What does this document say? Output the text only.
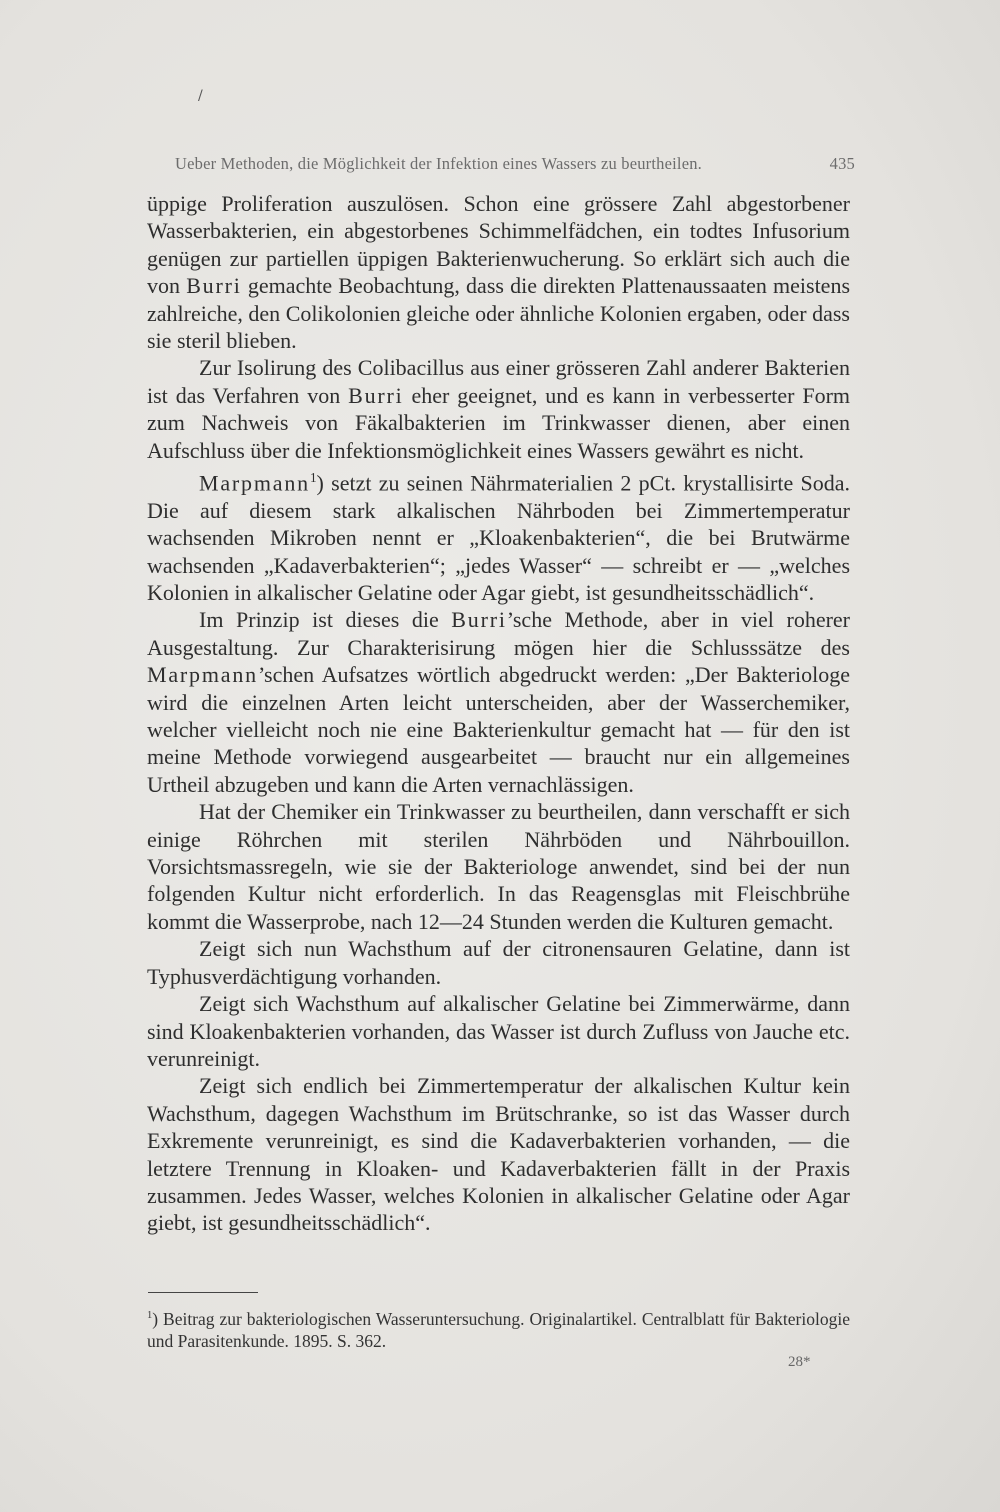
/
Ueber Methoden, die Möglichkeit der Infektion eines Wassers zu beurtheilen.	435

üppige Proliferation auszulösen. Schon eine grössere Zahl abgestorbener Wasserbakterien, ein abgestorbenes Schimmelfädchen, ein todtes Infusorium genügen zur partiellen üppigen Bakterienwucherung. So erklärt sich auch die von Burri gemachte Beobachtung, dass die direkten Plattenaussaaten meistens zahlreiche, den Colikolonien gleiche oder ähnliche Kolonien ergaben, oder dass sie steril blieben.

Zur Isolirung des Colibacillus aus einer grösseren Zahl anderer Bakterien ist das Verfahren von Burri eher geeignet, und es kann in verbesserter Form zum Nachweis von Fäkalbakterien im Trinkwasser dienen, aber einen Aufschluss über die Infektionsmöglichkeit eines Wassers gewährt es nicht.

Marpmann$^1$) setzt zu seinen Nährmaterialien 2 pCt. krystallisirte Soda. Die auf diesem stark alkalischen Nährboden bei Zimmertemperatur wachsenden Mikroben nennt er „Kloakenbakterien“, die bei Brutwärme wachsenden „Kadaverbakterien“; „jedes Wasser“ — schreibt er — „welches Kolonien in alkalischer Gelatine oder Agar giebt, ist gesundheitsschädlich“.

Im Prinzip ist dieses die Burri’sche Methode, aber in viel roherer Ausgestaltung. Zur Charakterisirung mögen hier die Schlusssätze des Marpmann’schen Aufsatzes wörtlich abgedruckt werden: „Der Bakteriologe wird die einzelnen Arten leicht unterscheiden, aber der Wasserchemiker, welcher vielleicht noch nie eine Bakterienkultur gemacht hat — für den ist meine Methode vorwiegend ausgearbeitet — braucht nur ein allgemeines Urtheil abzugeben und kann die Arten vernachlässigen.

Hat der Chemiker ein Trinkwasser zu beurtheilen, dann verschafft er sich einige Röhrchen mit sterilen Nährböden und Nährbouillon. Vorsichtsmassregeln, wie sie der Bakteriologe anwendet, sind bei der nun folgenden Kultur nicht erforderlich. In das Reagensglas mit Fleischbrühe kommt die Wasserprobe, nach 12—24 Stunden werden die Kulturen gemacht.

Zeigt sich nun Wachsthum auf der citronensauren Gelatine, dann ist Typhusverdächtigung vorhanden.

Zeigt sich Wachsthum auf alkalischer Gelatine bei Zimmerwärme, dann sind Kloakenbakterien vorhanden, das Wasser ist durch Zufluss von Jauche etc. verunreinigt.

Zeigt sich endlich bei Zimmertemperatur der alkalischen Kultur kein Wachsthum, dagegen Wachsthum im Brütschranke, so ist das Wasser durch Exkremente verunreinigt, es sind die Kadaverbakterien vorhanden, — die letztere Trennung in Kloaken- und Kadaverbakterien fällt in der Praxis zusammen. Jedes Wasser, welches Kolonien in alkalischer Gelatine oder Agar giebt, ist gesundheitsschädlich“.

$^1$) Beitrag zur bakteriologischen Wasseruntersuchung. Originalartikel. Centralblatt für Bakteriologie und Parasitenkunde. 1895. S. 362.
28*
